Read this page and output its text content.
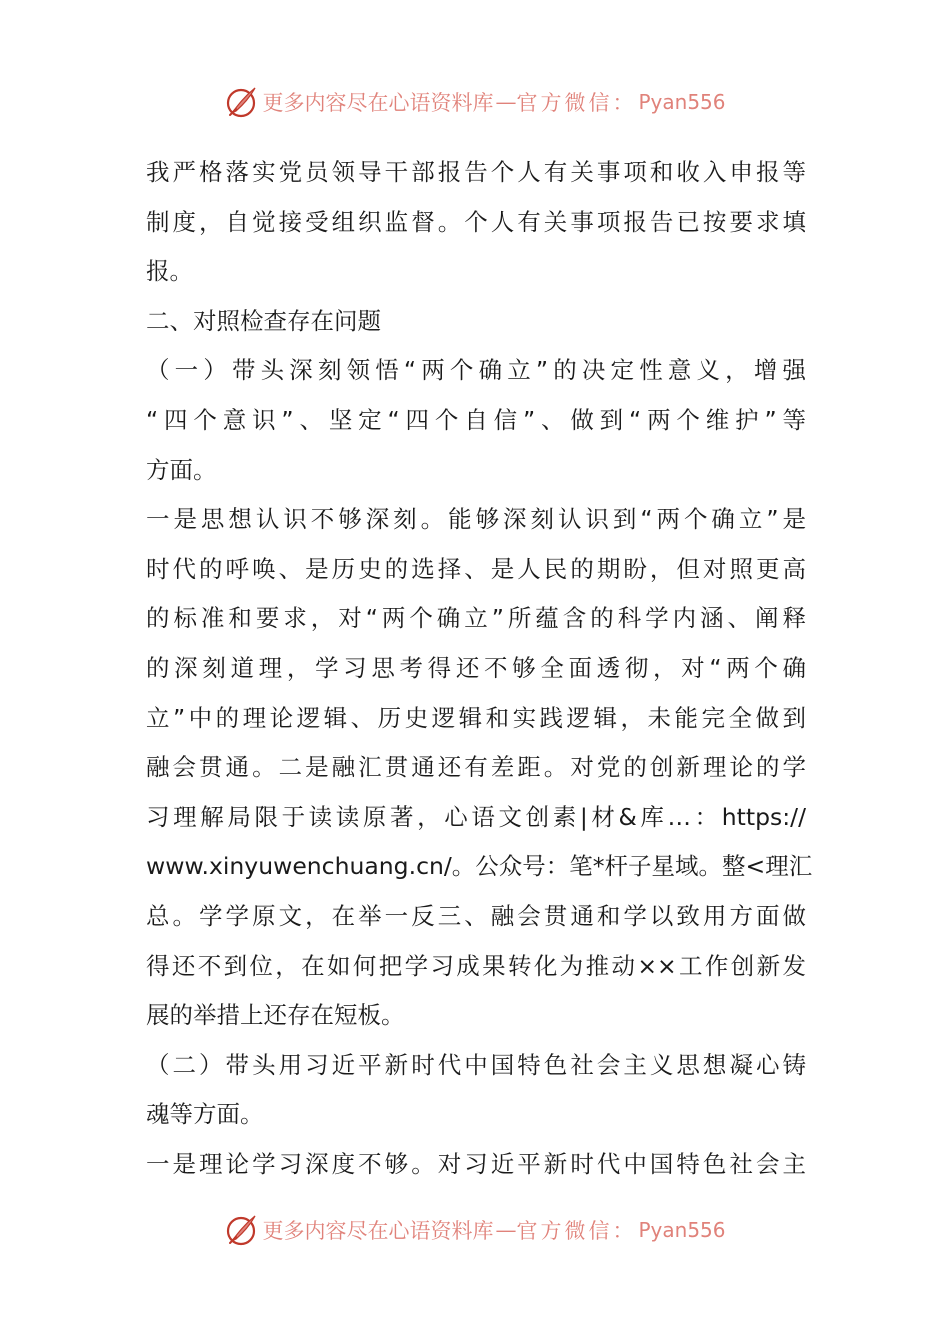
更多内容尽在心语资料库 — 官方微信： Pyan556
我严格落实党员领导干部报告个人有关事项和收入申报等
制度，自觉接受组织监督。个人有关事项报告已按要求填
报。
二、对照检查存在问题
（一）带头深刻领悟“两个确立”的决定性意义，增强
“四个意识”、坚定“四个自信”、做到“两个维护”等
方面。
一是思想认识不够深刻。能够深刻认识到“两个确立”是
时代的呼唤、是历史的选择、是人民的期盼，但对照更高
的标准和要求，对“两个确立”所蕴含的科学内涵、阐释
的深刻道理，学习思考得还不够全面透彻，对“两个确
立”中的理论逻辑、历史逻辑和实践逻辑，未能完全做到
融会贯通。二是融汇贯通还有差距。对党的创新理论的学
习理解局限于读读原著，心语文创素|材&库…：https://
www.xinyuwenchuang.cn/。公众号：笔*杆子星域。整<理汇
总。学学原文，在举一反三、融会贯通和学以致用方面做
得还不到位，在如何把学习成果转化为推动××工作创新发
展的举措上还存在短板。
（二）带头用习近平新时代中国特色社会主义思想凝心铸
魂等方面。
一是理论学习深度不够。对习近平新时代中国特色社会主
更多内容尽在心语资料库 — 官方微信： Pyan556
